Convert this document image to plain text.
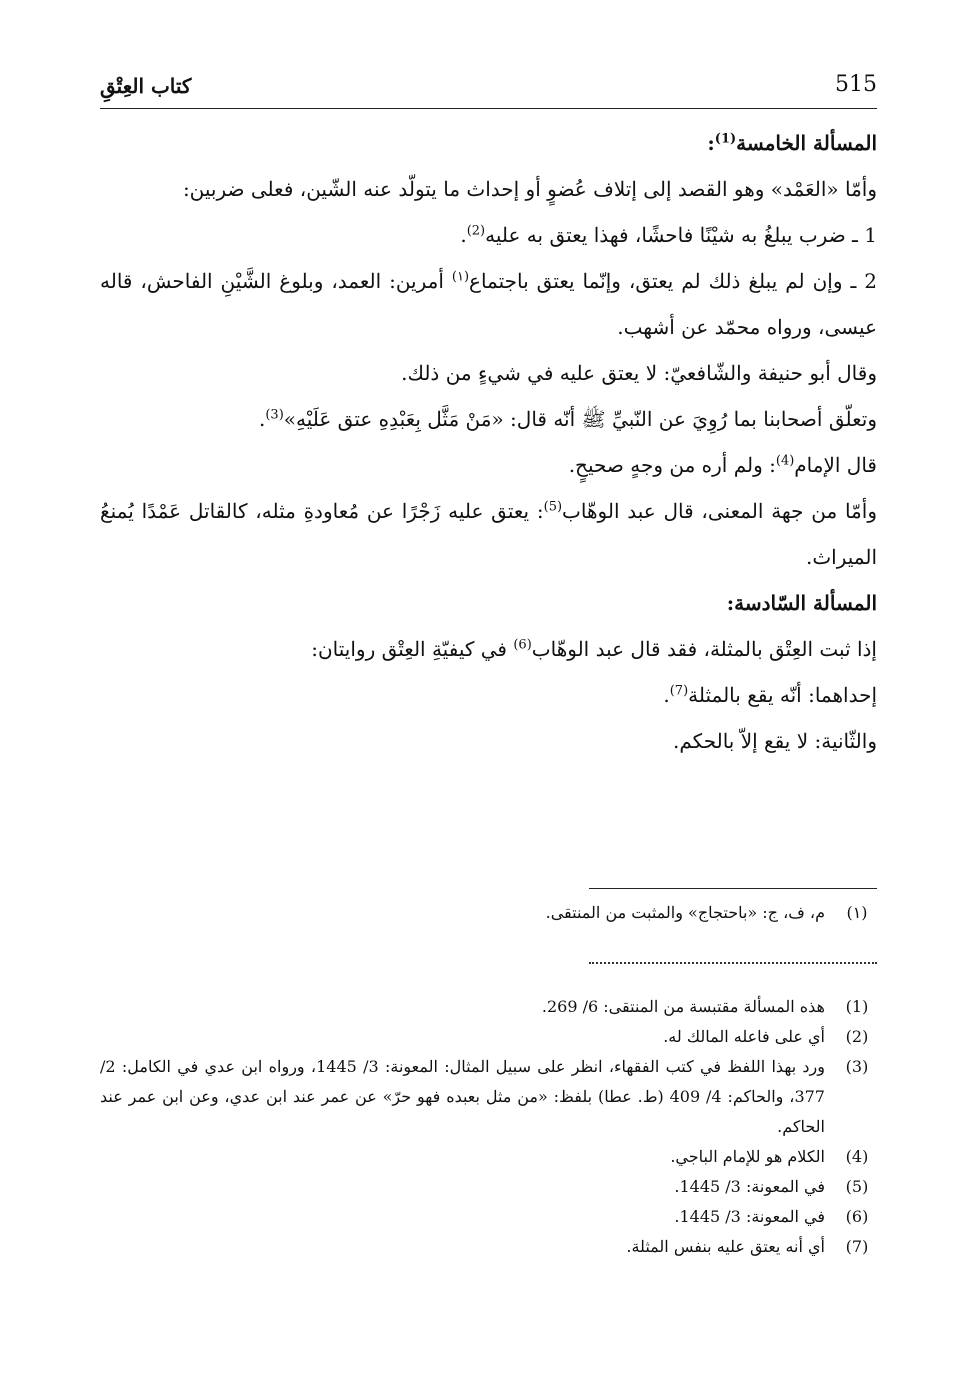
515
كتاب العِتْقِ

المسألة الخامسة$^{(1)}$:

وأمّا «العَمْد» وهو القصد إلى إتلاف عُضوٍ أو إحداث ما يتولّد عنه الشّين، فعلى ضربين:

1 ـ ضرب يبلغُ به شيْنًا فاحشًا، فهذا يعتق به عليه$^{(2)}$.

2 ـ وإن لم يبلغ ذلك لم يعتق، وإنّما يعتق باجتماع$^{(١)}$ أمرين: العمد، وبلوغ الشَّيْنِ الفاحش، قاله عيسى، ورواه محمّد عن أشهب.

وقال أبو حنيفة والشّافعيّ: لا يعتق عليه في شيءٍ من ذلك.

وتعلّق أصحابنا بما رُوِيَ عن النّبيِّ ﷺ أنّه قال: «مَنْ مَثَّل بِعَبْدِهِ عتق عَلَيْهِ»$^{(3)}$.

قال الإمام$^{(4)}$: ولم أره من وجهٍ صحيحٍ.

وأمّا من جهة المعنى، قال عبد الوهّاب$^{(5)}$: يعتق عليه زَجْرًا عن مُعاودةِ مثله، كالقاتل عَمْدًا يُمنعُ الميراث.

المسألة السّادسة:

إذا ثبت العِتْق بالمثلة، فقد قال عبد الوهّاب$^{(6)}$ في كيفيّةِ العِتْق روايتان:

إحداهما: أنّه يقع بالمثلة$^{(7)}$.

والثّانية: لا يقع إلاّ بالحكم.

(١)
م، ف، ج: «باحتجاج» والمثبت من المنتقى.

(1)
هذه المسألة مقتبسة من المنتقى: 6/ 269.

(2)
أي على فاعله المالك له.

(3)
ورد بهذا اللفظ في كتب الفقهاء، انظر على سبيل المثال: المعونة: 3/ 1445، ورواه ابن عدي في الكامل: 2/ 377، والحاكم: 4/ 409 (ط. عطا) بلفظ: «من مثل بعبده فهو حرّ» عن عمر عند ابن عدي، وعن ابن عمر عند الحاكم.

(4)
الكلام هو للإمام الباجي.

(5)
في المعونة: 3/ 1445.

(6)
في المعونة: 3/ 1445.

(7)
أي أنه يعتق عليه بنفس المثلة.
